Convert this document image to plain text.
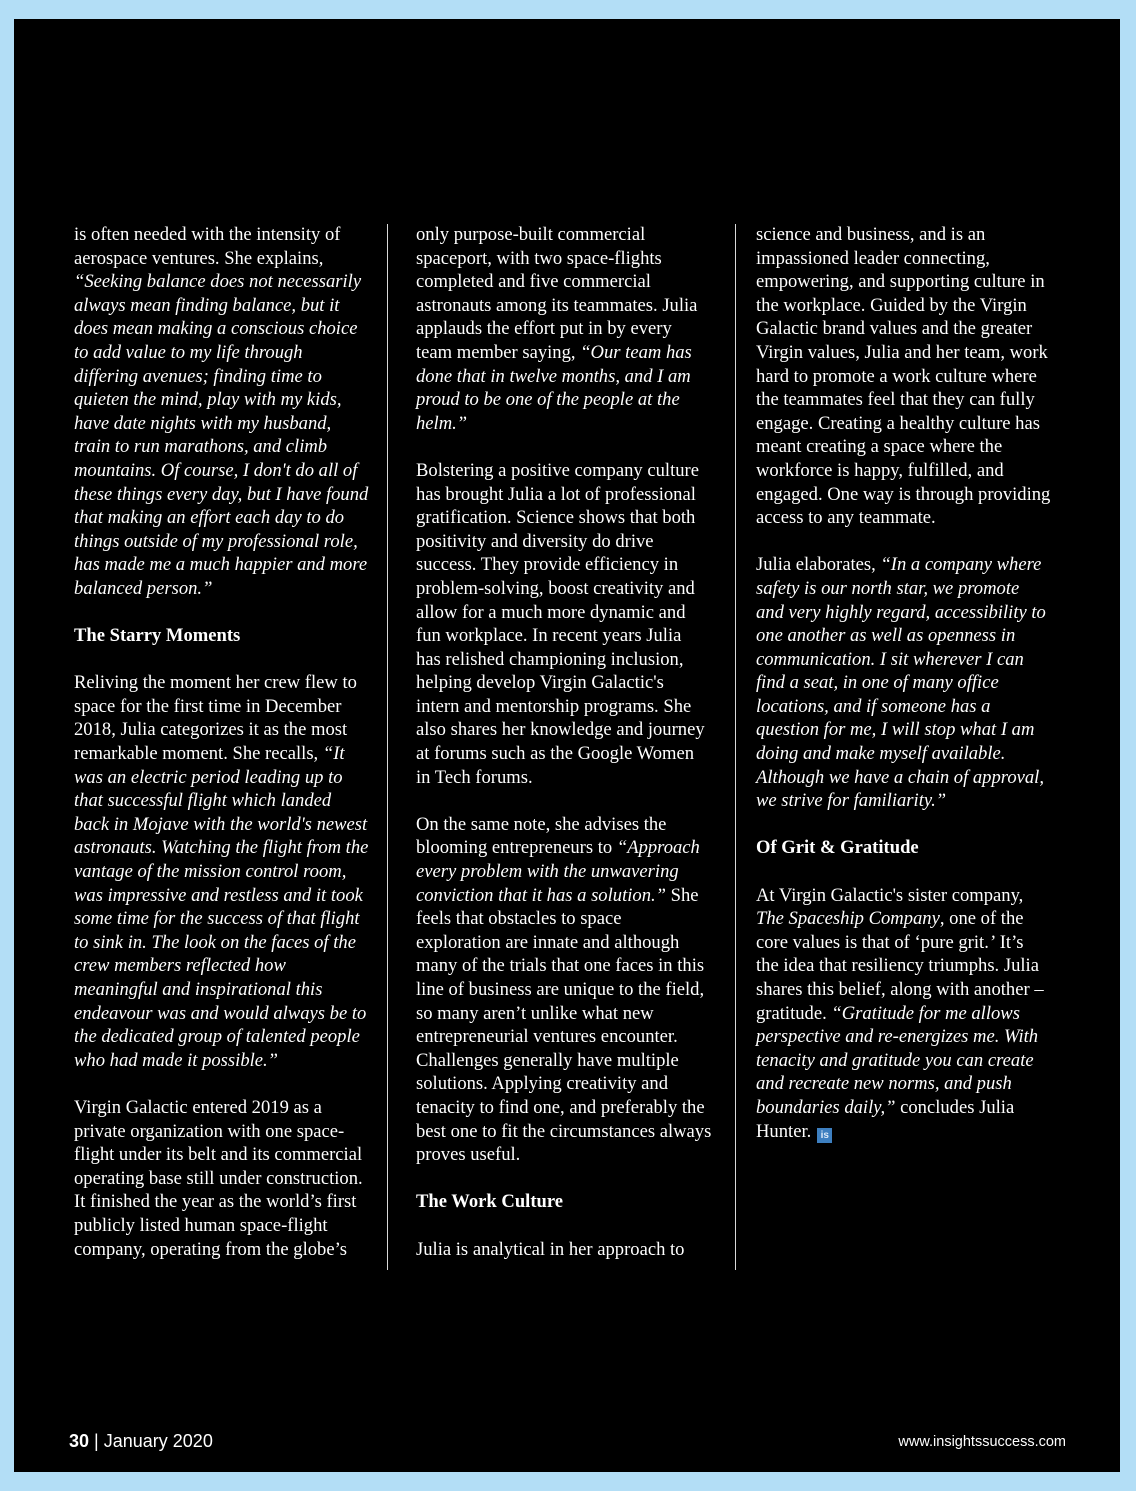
is often needed with the intensity of
aerospace ventures. She explains,
“Seeking balance does not necessarily
always mean finding balance, but it
does mean making a conscious choice
to add value to my life through
differing avenues; finding time to
quieten the mind, play with my kids,
have date nights with my husband,
train to run marathons, and climb
mountains. Of course, I don't do all of
these things every day, but I have found
that making an effort each day to do
things outside of my professional role,
has made me a much happier and more
balanced person.”

The Starry Moments

Reliving the moment her crew flew to
space for the first time in December
2018, Julia categorizes it as the most
remarkable moment. She recalls, “It
was an electric period leading up to
that successful flight which landed
back in Mojave with the world's newest
astronauts. Watching the flight from the
vantage of the mission control room,
was impressive and restless and it took
some time for the success of that flight
to sink in. The look on the faces of the
crew members reflected how
meaningful and inspirational this
endeavour was and would always be to
the dedicated group of talented people
who had made it possible.”

Virgin Galactic entered 2019 as a
private organization with one space-
flight under its belt and its commercial
operating base still under construction.
It finished the year as the world’s first
publicly listed human space-flight
company, operating from the globe’s

only purpose-built commercial
spaceport, with two space-flights
completed and five commercial
astronauts among its teammates. Julia
applauds the effort put in by every
team member saying, “Our team has
done that in twelve months, and I am
proud to be one of the people at the
helm.”

Bolstering a positive company culture
has brought Julia a lot of professional
gratification. Science shows that both
positivity and diversity do drive
success. They provide efficiency in
problem-solving, boost creativity and
allow for a much more dynamic and
fun workplace. In recent years Julia
has relished championing inclusion,
helping develop Virgin Galactic's
intern and mentorship programs. She
also shares her knowledge and journey
at forums such as the Google Women
in Tech forums.

On the same note, she advises the
blooming entrepreneurs to “Approach
every problem with the unwavering
conviction that it has a solution.” She
feels that obstacles to space
exploration are innate and although
many of the trials that one faces in this
line of business are unique to the field,
so many aren’t unlike what new
entrepreneurial ventures encounter.
Challenges generally have multiple
solutions. Applying creativity and
tenacity to find one, and preferably the
best one to fit the circumstances always
proves useful.

The Work Culture

Julia is analytical in her approach to

science and business, and is an
impassioned leader connecting,
empowering, and supporting culture in
the workplace. Guided by the Virgin
Galactic brand values and the greater
Virgin values, Julia and her team, work
hard to promote a work culture where
the teammates feel that they can fully
engage. Creating a healthy culture has
meant creating a space where the
workforce is happy, fulfilled, and
engaged. One way is through providing
access to any teammate.

Julia elaborates, “In a company where
safety is our north star, we promote
and very highly regard, accessibility to
one another as well as openness in
communication. I sit wherever I can
find a seat, in one of many office
locations, and if someone has a
question for me, I will stop what I am
doing and make myself available.
Although we have a chain of approval,
we strive for familiarity.”

Of Grit & Gratitude

At Virgin Galactic's sister company,
The Spaceship Company, one of the
core values is that of ‘pure grit.’ It’s
the idea that resiliency triumphs. Julia
shares this belief, along with another –
gratitude. “Gratitude for me allows
perspective and re-energizes me. With
tenacity and gratitude you can create
and recreate new norms, and push
boundaries daily,” concludes Julia
Hunter. is

30 | January 2020	www.insightssuccess.com
